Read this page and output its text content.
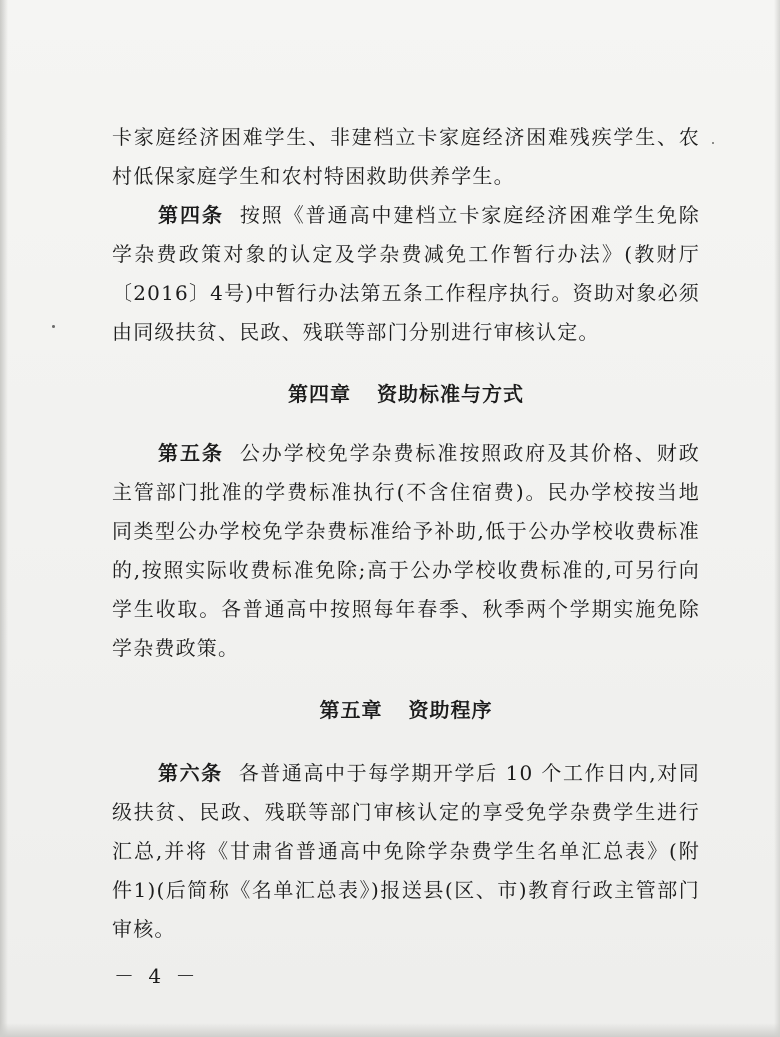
卡家庭经济困难学生、非建档立卡家庭经济困难残疾学生、农村低保家庭学生和农村特困救助供养学生。

第四条 按照《普通高中建档立卡家庭经济困难学生免除学杂费政策对象的认定及学杂费减免工作暂行办法》(教财厅〔2016〕4号)中暂行办法第五条工作程序执行。资助对象必须由同级扶贫、民政、残联等部门分别进行审核认定。

第四章 资助标准与方式

第五条 公办学校免学杂费标准按照政府及其价格、财政主管部门批准的学费标准执行(不含住宿费)。民办学校按当地同类型公办学校免学杂费标准给予补助,低于公办学校收费标准的,按照实际收费标准免除;高于公办学校收费标准的,可另行向学生收取。各普通高中按照每年春季、秋季两个学期实施免除学杂费政策。

第五章 资助程序

第六条 各普通高中于每学期开学后 10 个工作日内,对同级扶贫、民政、残联等部门审核认定的享受免学杂费学生进行汇总,并将《甘肃省普通高中免除学杂费学生名单汇总表》(附件1)(后简称《名单汇总表》)报送县(区、市)教育行政主管部门审核。

－ 4 －
